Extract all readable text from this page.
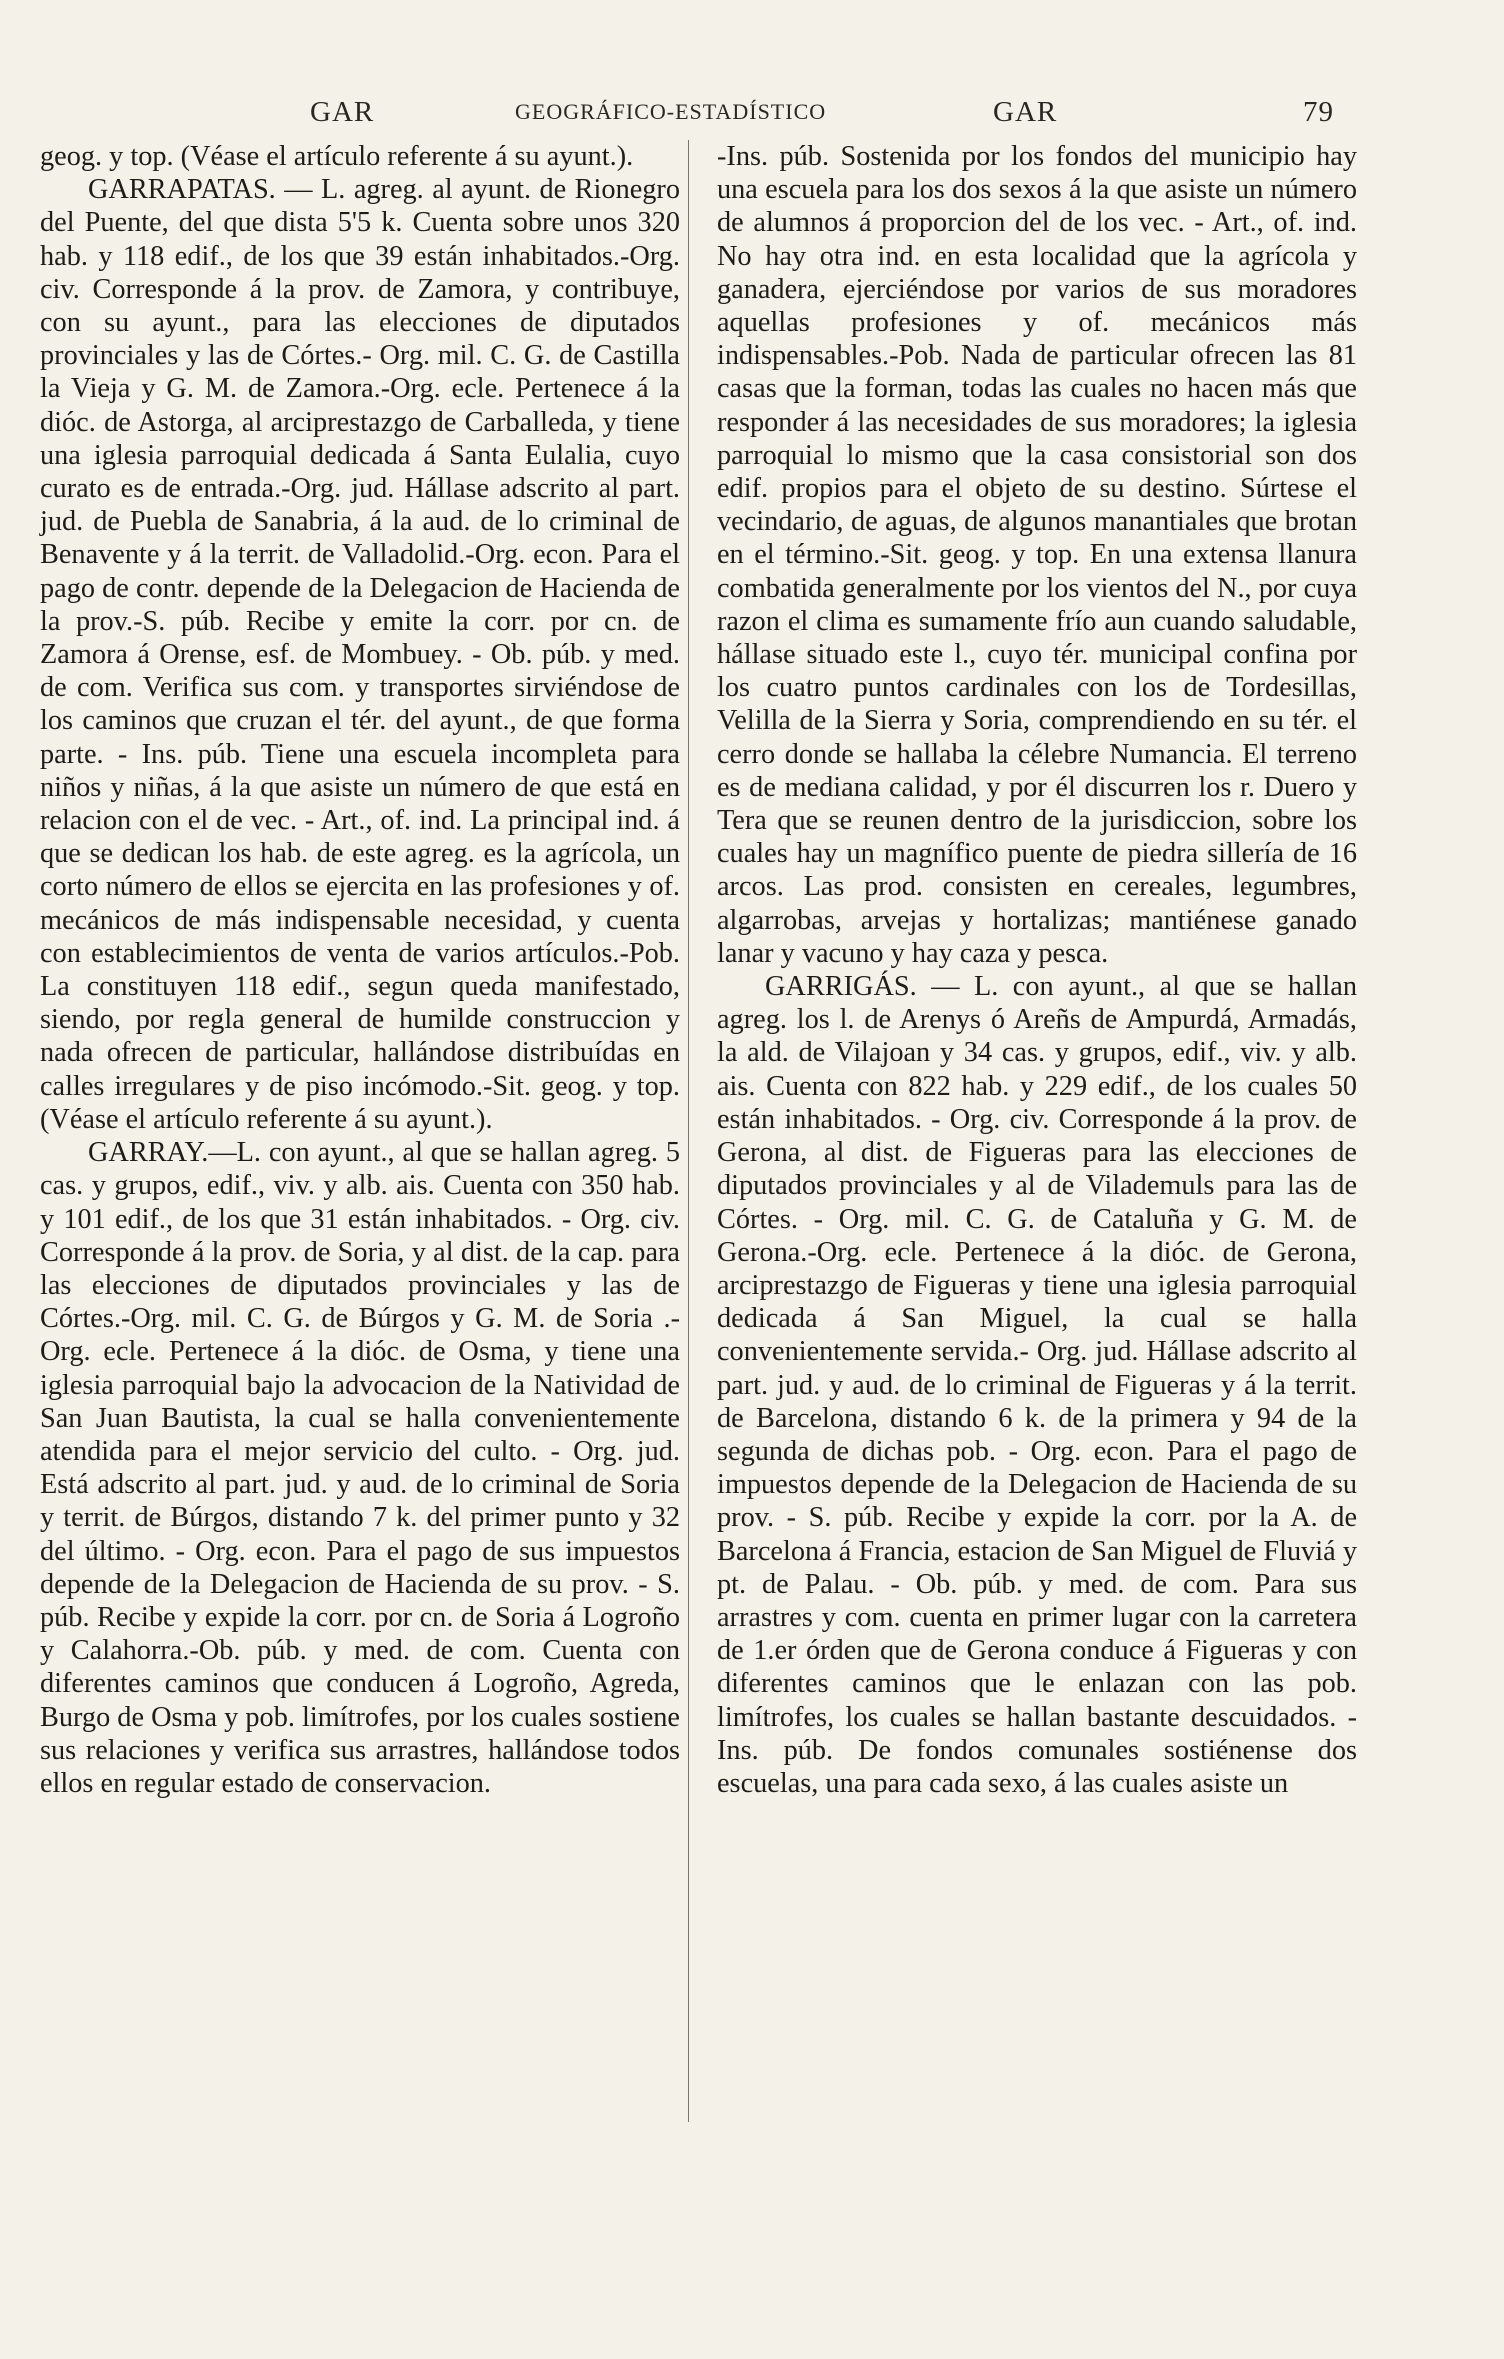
GAR	GEOGRÁFICO-ESTADÍSTICO	GAR	79

geog. y top. (Véase el artículo referente á su ayunt.).

GARRAPATAS. — L. agreg. al ayunt. de Rionegro del Puente, del que dista 5'5 k. Cuenta sobre unos 320 hab. y 118 edif., de los que 39 están inhabitados.-Org. civ. Corresponde á la prov. de Zamora, y contribuye, con su ayunt., para las elecciones de diputados provinciales y las de Córtes.- Org. mil. C. G. de Castilla la Vieja y G. M. de Zamora.-Org. ecle. Pertenece á la dióc. de Astorga, al arciprestazgo de Carballeda, y tiene una iglesia parroquial dedicada á Santa Eulalia, cuyo curato es de entrada.-Org. jud. Hállase adscrito al part. jud. de Puebla de Sanabria, á la aud. de lo criminal de Benavente y á la territ. de Valladolid.-Org. econ. Para el pago de contr. depende de la Delegacion de Hacienda de la prov.-S. púb. Recibe y emite la corr. por cn. de Zamora á Orense, esf. de Mombuey. - Ob. púb. y med. de com. Verifica sus com. y transportes sirviéndose de los caminos que cruzan el tér. del ayunt., de que forma parte. - Ins. púb. Tiene una escuela incompleta para niños y niñas, á la que asiste un número de que está en relacion con el de vec. - Art., of. ind. La principal ind. á que se dedican los hab. de este agreg. es la agrícola, un corto número de ellos se ejercita en las profesiones y of. mecánicos de más indispensable necesidad, y cuenta con establecimientos de venta de varios artículos.-Pob. La constituyen 118 edif., segun queda manifestado, siendo, por regla general de humilde construccion y nada ofrecen de particular, hallándose distribuídas en calles irregulares y de piso incómodo.-Sit. geog. y top. (Véase el artículo referente á su ayunt.).

GARRAY.—L. con ayunt., al que se hallan agreg. 5 cas. y grupos, edif., viv. y alb. ais. Cuenta con 350 hab. y 101 edif., de los que 31 están inhabitados. - Org. civ. Corresponde á la prov. de Soria, y al dist. de la cap. para las elecciones de diputados provinciales y las de Córtes.-Org. mil. C. G. de Búrgos y G. M. de Soria .- Org. ecle. Pertenece á la dióc. de Osma, y tiene una iglesia parroquial bajo la advocacion de la Natividad de San Juan Bautista, la cual se halla convenientemente atendida para el mejor servicio del culto. - Org. jud. Está adscrito al part. jud. y aud. de lo criminal de Soria y territ. de Búrgos, distando 7 k. del primer punto y 32 del último. - Org. econ. Para el pago de sus impuestos depende de la Delegacion de Hacienda de su prov. - S. púb. Recibe y expide la corr. por cn. de Soria á Logroño y Calahorra.-Ob. púb. y med. de com. Cuenta con diferentes caminos que conducen á Logroño, Agreda, Burgo de Osma y pob. limítrofes, por los cuales sostiene sus relaciones y verifica sus arrastres, hallándose todos ellos en regular estado de conservacion.

-Ins. púb. Sostenida por los fondos del municipio hay una escuela para los dos sexos á la que asiste un número de alumnos á proporcion del de los vec. - Art., of. ind. No hay otra ind. en esta localidad que la agrícola y ganadera, ejerciéndose por varios de sus moradores aquellas profesiones y of. mecánicos más indispensables.-Pob. Nada de particular ofrecen las 81 casas que la forman, todas las cuales no hacen más que responder á las necesidades de sus moradores; la iglesia parroquial lo mismo que la casa consistorial son dos edif. propios para el objeto de su destino. Súrtese el vecindario, de aguas, de algunos manantiales que brotan en el término.-Sit. geog. y top. En una extensa llanura combatida generalmente por los vientos del N., por cuya razon el clima es sumamente frío aun cuando saludable, hállase situado este l., cuyo tér. municipal confina por los cuatro puntos cardinales con los de Tordesillas, Velilla de la Sierra y Soria, comprendiendo en su tér. el cerro donde se hallaba la célebre Numancia. El terreno es de mediana calidad, y por él discurren los r. Duero y Tera que se reunen dentro de la jurisdiccion, sobre los cuales hay un magnífico puente de piedra sillería de 16 arcos. Las prod. consisten en cereales, legumbres, algarrobas, arvejas y hortalizas; mantiénese ganado lanar y vacuno y hay caza y pesca.

GARRIGÁS. — L. con ayunt., al que se hallan agreg. los l. de Arenys ó Areñs de Ampurdá, Armadás, la ald. de Vilajoan y 34 cas. y grupos, edif., viv. y alb. ais. Cuenta con 822 hab. y 229 edif., de los cuales 50 están inhabitados. - Org. civ. Corresponde á la prov. de Gerona, al dist. de Figueras para las elecciones de diputados provinciales y al de Vilademuls para las de Córtes. - Org. mil. C. G. de Cataluña y G. M. de Gerona.-Org. ecle. Pertenece á la dióc. de Gerona, arciprestazgo de Figueras y tiene una iglesia parroquial dedicada á San Miguel, la cual se halla convenientemente servida.- Org. jud. Hállase adscrito al part. jud. y aud. de lo criminal de Figueras y á la territ. de Barcelona, distando 6 k. de la primera y 94 de la segunda de dichas pob. - Org. econ. Para el pago de impuestos depende de la Delegacion de Hacienda de su prov. - S. púb. Recibe y expide la corr. por la A. de Barcelona á Francia, estacion de San Miguel de Fluviá y pt. de Palau. - Ob. púb. y med. de com. Para sus arrastres y com. cuenta en primer lugar con la carretera de 1.er órden que de Gerona conduce á Figueras y con diferentes caminos que le enlazan con las pob. limítrofes, los cuales se hallan bastante descuidados. - Ins. púb. De fondos comunales sostiénense dos escuelas, una para cada sexo, á las cuales asiste un
